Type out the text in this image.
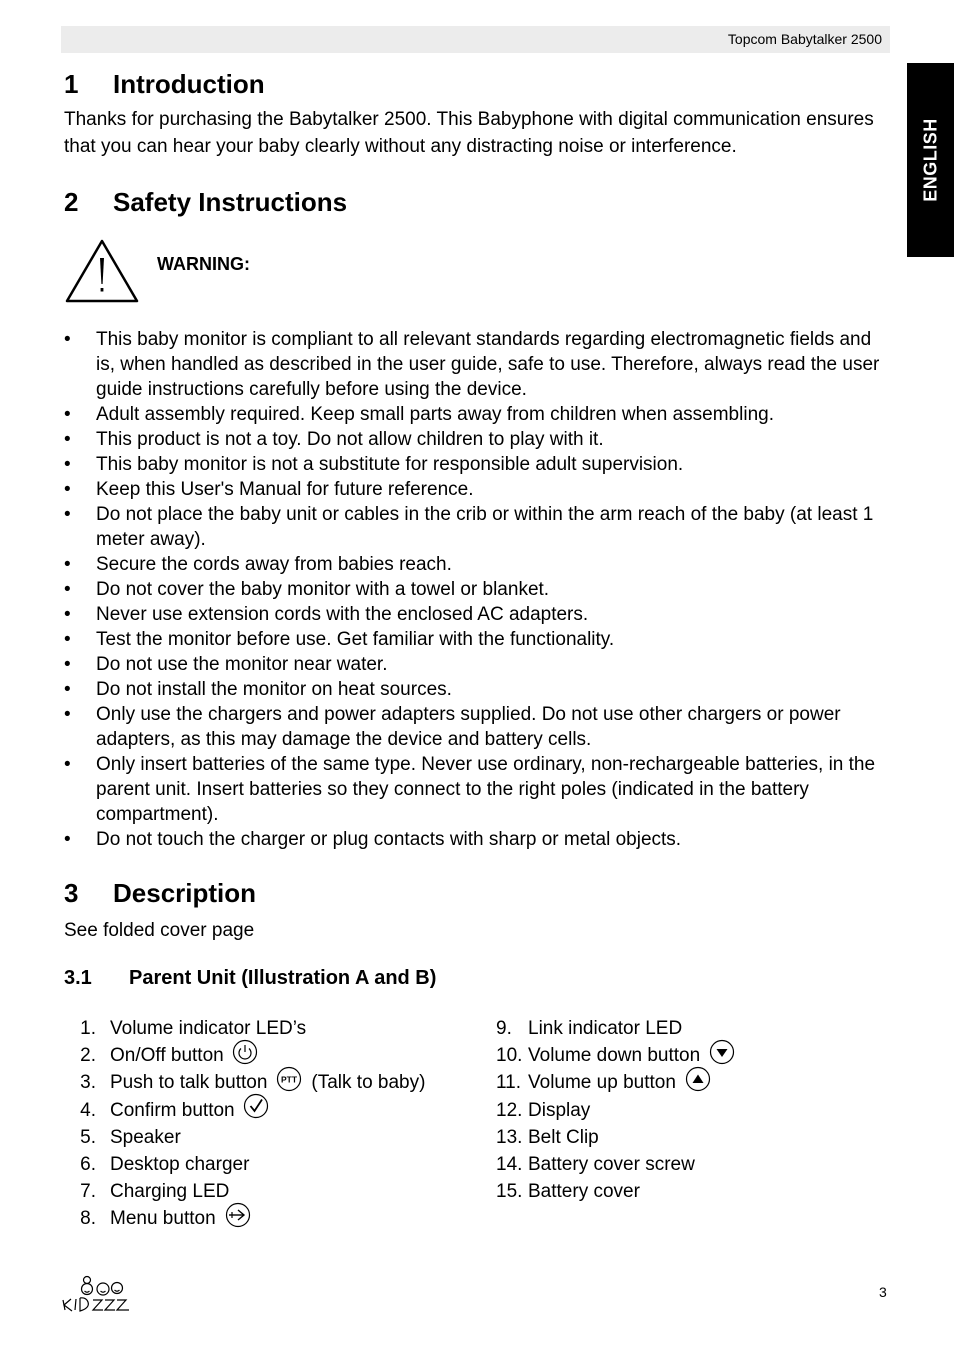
Topcom Babytalker 2500
ENGLISH
1 Introduction

Thanks for purchasing the Babytalker 2500. This Babyphone with digital communication ensures that you can hear your baby clearly without any distracting noise or interference.

2 Safety Instructions
WARNING:
• This baby monitor is compliant to all relevant standards regarding electromagnetic fields and is, when handled as described in the user guide, safe to use. Therefore, always read the user guide instructions carefully before using the device.
• Adult assembly required. Keep small parts away from children when assembling.
• This product is not a toy. Do not allow children to play with it.
• This baby monitor is not a substitute for responsible adult supervision.
• Keep this User's Manual for future reference.
• Do not place the baby unit or cables in the crib or within the arm reach of the baby (at least 1 meter away).
• Secure the cords away from babies reach.
• Do not cover the baby monitor with a towel or blanket.
• Never use extension cords with the enclosed AC adapters.
• Test the monitor before use. Get familiar with the functionality.
• Do not use the monitor near water.
• Do not install the monitor on heat sources.
• Only use the chargers and power adapters supplied. Do not use other chargers or power adapters, as this may damage the device and battery cells.
• Only insert batteries of the same type. Never use ordinary, non-rechargeable batteries, in the parent unit. Insert batteries so they connect to the right poles (indicated in the battery compartment).
• Do not touch the charger or plug contacts with sharp or metal objects.
3 Description

See folded cover page

3.1 Parent Unit (Illustration A and B)
1. Volume indicator LED’s
2. On/Off button
3. Push to talk button PTT (Talk to baby)
4. Confirm button
5. Speaker
6. Desktop charger
7. Charging LED
8. Menu button
9. Link indicator LED
10. Volume down button
11. Volume up button
12. Display
13. Belt Clip
14. Battery cover screw
15. Battery cover
3
